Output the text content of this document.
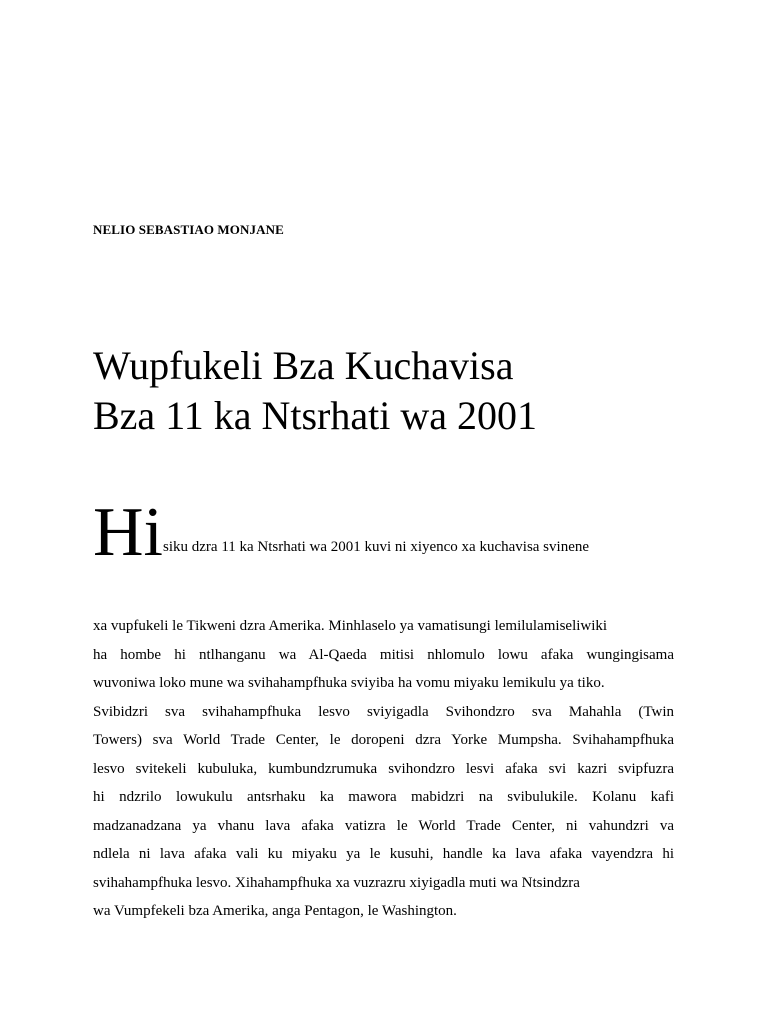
NELIO SEBASTIAO MONJANE
Wupfukeli Bza Kuchavisa
Bza 11 ka Ntsrhati wa 2001
Hisiku dzra 11 ka Ntsrhati wa 2001 kuvi ni xiyenco xa kuchavisa svinene
xa vupfukeli le Tikweni dzra Amerika. Minhlaselo ya vamatisungi lemilulamiseliwiki
ha hombe hi ntlhanganu wa Al-Qaeda mitisi nhlomulo lowu afaka wungingisama
wuvoniwa loko mune wa svihahampfhuka sviyiba ha vomu miyaku lemikulu ya tiko.
Svibidzri sva svihahampfhuka lesvo sviyigadla Svihondzro sva Mahahla (Twin
Towers) sva World Trade Center, le doropeni dzra Yorke Mumpsha. Svihahampfhuka
lesvo svitekeli kubuluka, kumbundzrumuka svihondzro lesvi afaka svi kazri svipfuzra
hi ndzrilo lowukulu antsrhaku ka mawora mabidzri na svibulukile. Kolanu kafi
madzanadzana ya vhanu lava afaka vatizra le World Trade Center, ni vahundzri va
ndlela ni lava afaka vali ku miyaku ya le kusuhi, handle ka lava afaka vayendzra hi
svihahampfhuka lesvo. Xihahampfhuka xa vuzrazru xiyigadla muti wa Ntsindzra
wa Vumpfekeli bza Amerika, anga Pentagon, le Washington.
